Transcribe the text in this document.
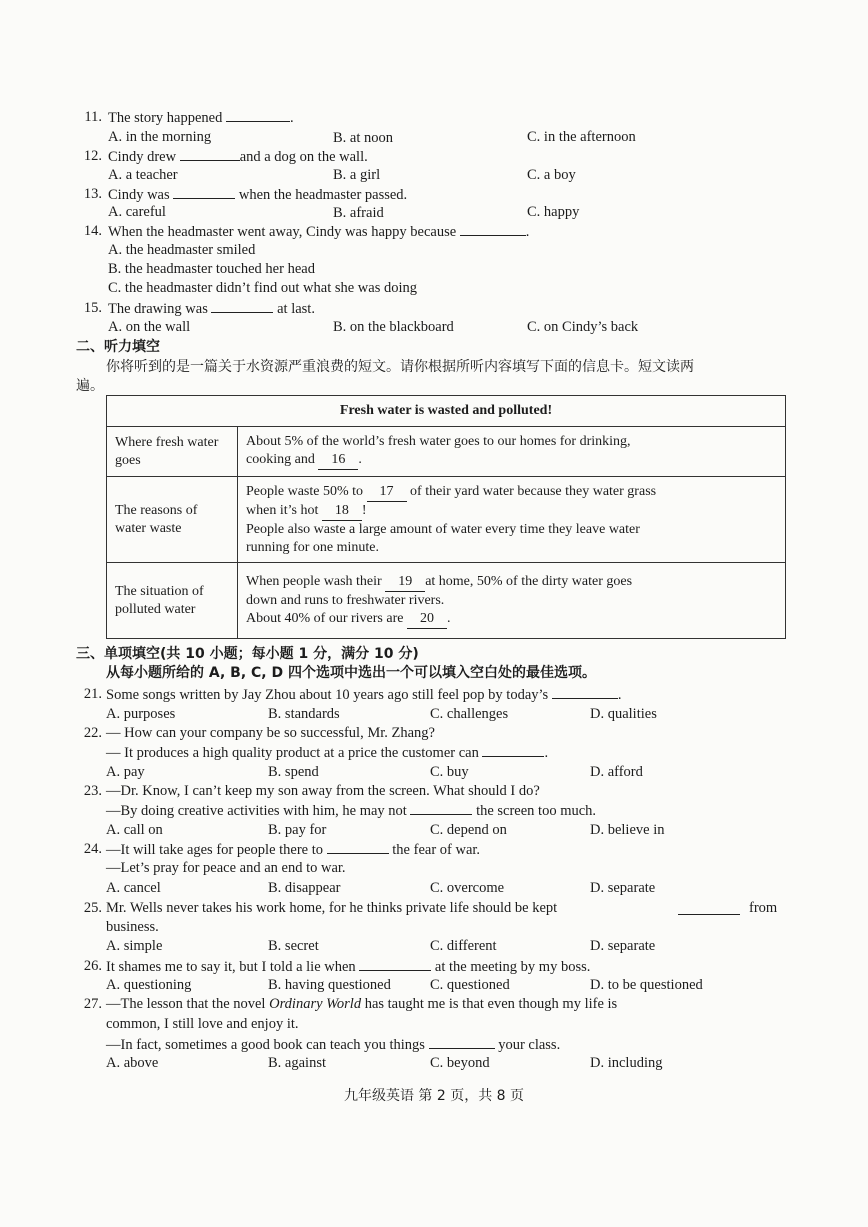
11. The story happened	.
A. in the morning	B. at noon	C. in the afternoon
12. Cindy drew	and a dog on the wall.
A. a teacher	B. a girl	C. a boy
13. Cindy was	when the headmaster passed.
A. careful	B. afraid	C. happy
14. When the headmaster went away, Cindy was happy because	.
A. the headmaster smiled
B. the headmaster touched her head
C. the headmaster didn’t find out what she was doing
15. The drawing was	at last.
A. on the wall	B. on the blackboard	C. on Cindy’s back
二、听力填空
你将听到的是一篇关于水资源严重浪费的短文。请你根据所听内容填写下面的信息卡。短文读两
遍。
Fresh water is wasted and polluted!	
Where fresh water goes	About 5% of the world’s fresh water goes to our homes for drinking,
cooking and 16 .

The reasons of water waste	People waste 50% to 17 of their yard water because they water grass
when it’s hot 18 !
People also waste a large amount of water every time they leave water
running for one minute.

The situation of polluted water	When people wash their 19 at home, 50% of the dirty water goes
down and runs to freshwater rivers.
About 40% of our rivers are 20 .
三、单项填空(共 10 小题；每小题 1 分，满分 10 分)
从每小题所给的 A, B, C, D 四个选项中选出一个可以填入空白处的最佳选项。
21. Some songs written by Jay Zhou about 10 years ago still feel pop by today’s	.
A. purposes	B. standards	C. challenges	D. qualities
22. — How can your company be so successful, Mr. Zhang?
— It produces a high quality product at a price the customer can	.
A. pay	B. spend	C. buy	D. afford
23. —Dr. Know, I can’t keep my son away from the screen. What should I do?
—By doing creative activities with him, he may not	the screen too much.
A. call on	B. pay for	C. depend on	D. believe in
24. —It will take ages for people there to	the fear of war.
—Let’s pray for peace and an end to war.
A. cancel	B. disappear	C. overcome	D. separate
25. Mr. Wells never takes his work home, for he thinks private life should be kept	from
business.
A. simple	B. secret	C. different	D. separate
26. It shames me to say it, but I told a lie when	at the meeting by my boss.
A. questioning	B. having questioned	C. questioned	D. to be questioned
27. —The lesson that the novel Ordinary World has taught me is that even though my life is
common, I still love and enjoy it.
—In fact, sometimes a good book can teach you things	your class.
A. above	B. against	C. beyond	D. including
九年级英语 第 2 页，共 8 页
